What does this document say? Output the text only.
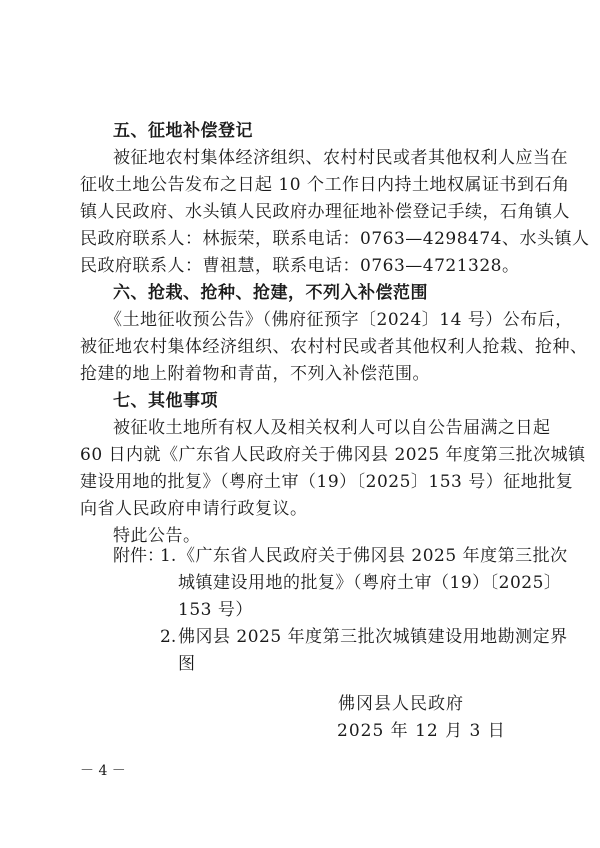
五、征地补偿登记
被征地农村集体经济组织、农村村民或者其他权利人应当在
征收土地公告发布之日起 10 个工作日内持土地权属证书到石角
镇人民政府、水头镇人民政府办理征地补偿登记手续，石角镇人
民政府联系人：林振荣，联系电话：0763—4298474、水头镇人
民政府联系人：曹祖慧，联系电话：0763—4721328。
六、抢栽、抢种、抢建，不列入补偿范围
《土地征收预公告》（佛府征预字〔2024〕14 号）公布后，
被征地农村集体经济组织、农村村民或者其他权利人抢栽、抢种、
抢建的地上附着物和青苗，不列入补偿范围。
七、其他事项
被征收土地所有权人及相关权利人可以自公告届满之日起
60 日内就《广东省人民政府关于佛冈县 2025 年度第三批次城镇
建设用地的批复》（粤府土审（19）〔2025〕153 号）征地批复
向省人民政府申请行政复议。
特此公告。
附件：
1. 《广东省人民政府关于佛冈县 2025 年度第三批次
城镇建设用地的批复》（粤府土审（19）〔2025〕
153 号）
2. 佛冈县 2025 年度第三批次城镇建设用地勘测定界
图
佛冈县人民政府
2025 年 12 月 3 日
－ 4 －
